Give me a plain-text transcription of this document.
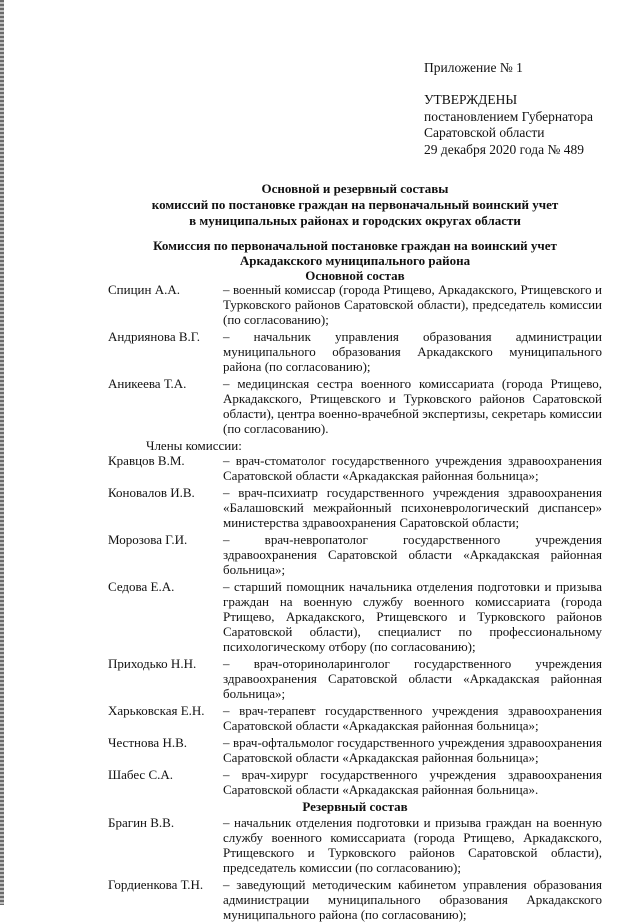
Приложение № 1
УТВЕРЖДЕНЫ
постановлением Губернатора
Саратовской области
29 декабря 2020 года № 489
Основной и резервный составы
комиссий по постановке граждан на первоначальный воинский учет
в муниципальных районах и городских округах области
Комиссия по первоначальной постановке граждан на воинский учет
Аркадакского муниципального района
Основной состав
Спицин А.А.	– военный комиссар (города Ртищево, Аркадакского, Ртищевского и Турковского районов Саратовской области), председатель комиссии (по согласованию);
Андриянова В.Г.	– начальник управления образования администрации муниципального образования Аркадакского муниципального района (по согласованию);
Аникеева Т.А.	– медицинская сестра военного комиссариата (города Ртищево, Аркадакского, Ртищевского и Турковского районов Саратовской области), центра военно-врачебной экспертизы, секретарь комиссии (по согласованию).
Члены комиссии:
Кравцов В.М.	– врач-стоматолог государственного учреждения здравоохранения Саратовской области «Аркадакская районная больница»;
Коновалов И.В.	– врач-психиатр государственного учреждения здравоохранения «Балашовский межрайонный психоневрологический диспансер» министерства здравоохранения Саратовской области;
Морозова Г.И.	– врач-невропатолог государственного учреждения здравоохранения Саратовской области «Аркадакская районная больница»;
Седова Е.А.	– старший помощник начальника отделения подготовки и призыва граждан на военную службу военного комиссариата (города Ртищево, Аркадакского, Ртищевского и Турковского районов Саратовской области), специалист по профессиональному психологическому отбору (по согласованию);
Приходько Н.Н.	– врач-оториноларинголог государственного учреждения здравоохранения Саратовской области «Аркадакская районная больница»;
Харьковская Е.Н.	– врач-терапевт государственного учреждения здравоохранения Саратовской области «Аркадакская районная больница»;
Честнова Н.В.	– врач-офтальмолог государственного учреждения здравоохранения Саратовской области «Аркадакская районная больница»;
Шабес С.А.	– врач-хирург государственного учреждения здравоохранения Саратовской области «Аркадакская районная больница».
Резервный состав
Брагин В.В.	– начальник отделения подготовки и призыва граждан на военную службу военного комиссариата (города Ртищево, Аркадакского, Ртищевского и Турковского районов Саратовской области), председатель комиссии (по согласованию);
Гордиенкова Т.Н.	– заведующий методическим кабинетом управления образования администрации муниципального образования Аркадакского муниципального района (по согласованию);
